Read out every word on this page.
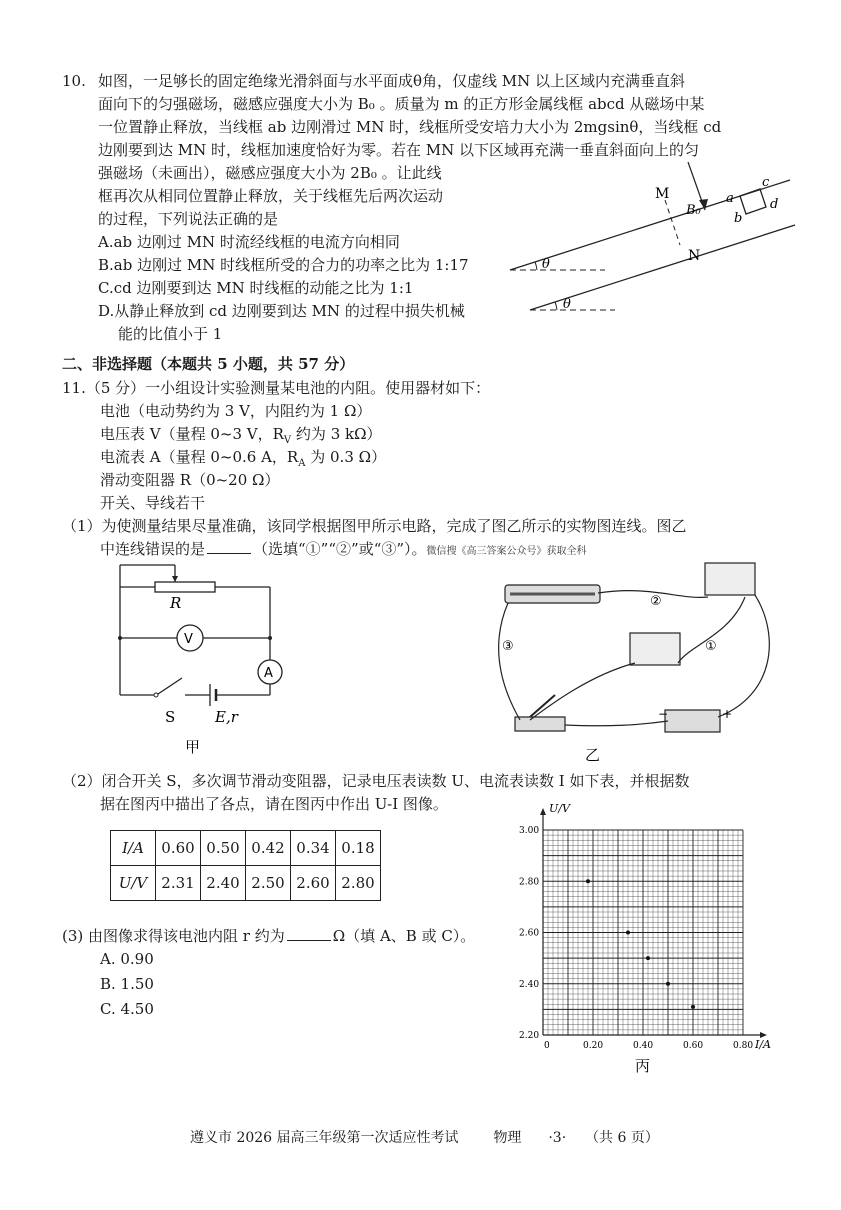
10. 如图，一足够长的固定绝缘光滑斜面与水平面成θ角，仅虚线 MN 以上区域内充满垂直斜
面向下的匀强磁场，磁感应强度大小为 B₀ 。质量为 m 的正方形金属线框 abcd 从磁场中某
一位置静止释放，当线框 ab 边刚滑过 MN 时，线框所受安培力大小为 2mgsinθ，当线框 cd
边刚要到达 MN 时，线框加速度恰好为零。若在 MN 以下区域再充满一垂直斜面向上的匀
强磁场（未画出），磁感应强度大小为 2B₀ 。让此线
框再次从相同位置静止释放，关于线框先后两次运动
的过程，下列说法正确的是
A.ab 边刚过 MN 时流经线框的电流方向相同
B.ab 边刚过 MN 时线框所受的合力的功率之比为 1:17
C.cd 边刚要到达 MN 时线框的动能之比为 1:1
D.从静止释放到 cd 边刚要到达 MN 的过程中损失机械
能的比值小于 1
M
N
B₀
a
b
c
d
θ
θ
二、非选择题（本题共 5 小题，共 57 分）
11.（5 分）一小组设计实验测量某电池的内阻。使用器材如下：
电池（电动势约为 3 V，内阻约为 1 Ω）
电压表 V（量程 0~3 V，$R_V$ 约为 3 kΩ）
电流表 A（量程 0~0.6 A，$R_A$ 为 0.3 Ω）
滑动变阻器 R（0~20 Ω）
开关、导线若干
（1）为使测量结果尽量准确，该同学根据图甲所示电路，完成了图乙所示的实物图连线。图乙
中连线错误的是	（选填“①”“②”或“③”）。微信搜《高三答案公众号》获取全科
R
V
A
S	E,r
甲
②
①
③
−	+
乙
（2）闭合开关 S，多次调节滑动变阻器，记录电压表读数 U、电流表读数 I 如下表，并根据数
据在图丙中描出了各点，请在图丙中作出 U-I 图像。
I/A	0.60	0.50	0.42	0.34	0.18
U/V	2.31	2.40	2.50	2.60	2.80
(3) 由图像求得该电池内阻 r 约为	Ω（填 A、B 或 C）。
A. 0.90
B. 1.50
C. 4.50
0	0.20	0.40	0.60	0.80
2.20
2.40
2.60
2.80
3.00
U/V
I/A
丙
遵义市 2026 届高三年级第一次适应性考试 物理 ·3· （共 6 页）
